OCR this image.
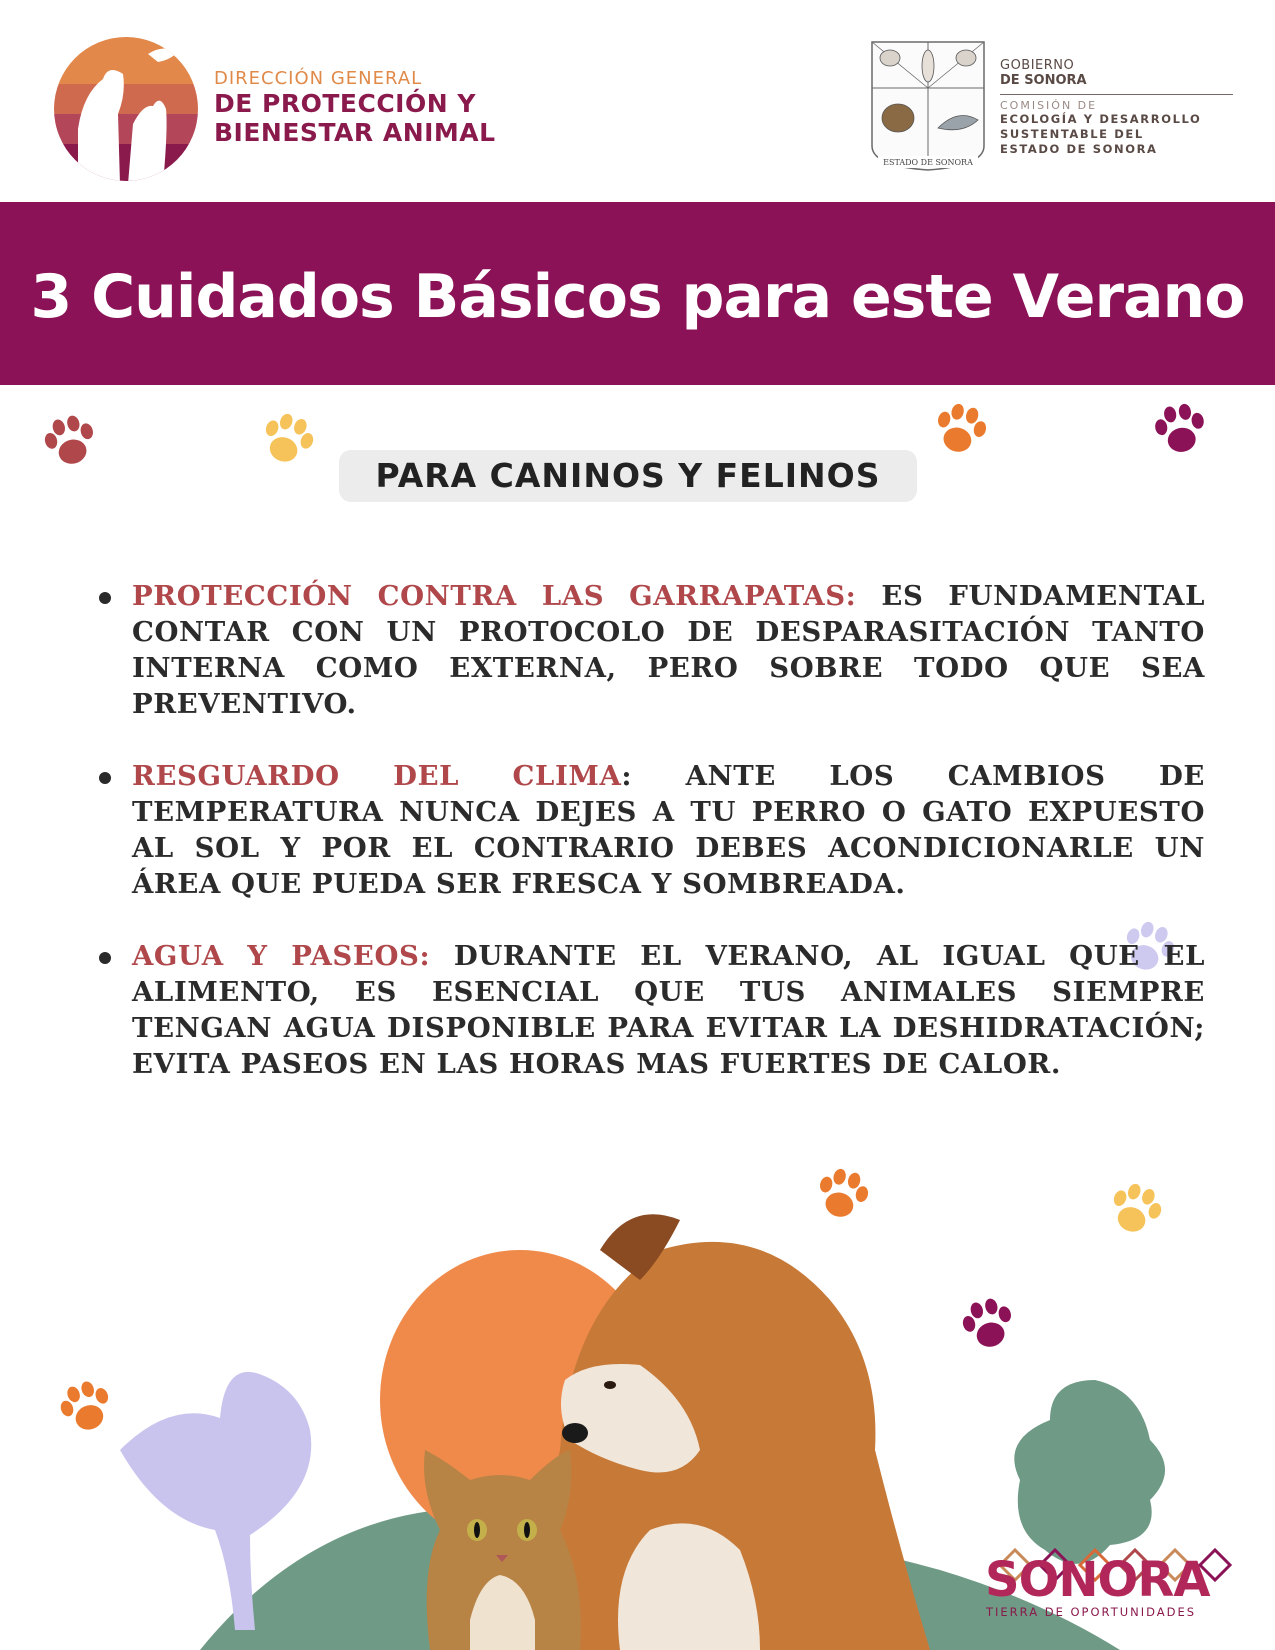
DIRECCIÓN GENERAL
DE PROTECCIÓN Y
BIENESTAR ANIMAL
ESTADO DE SONORA
GOBIERNO
DE SONORA
COMISIÓN DE
ECOLOGÍA Y DESARROLLO
SUSTENTABLE DEL
ESTADO DE SONORA
3 Cuidados Básicos para este Verano
PARA CANINOS Y FELINOS

PROTECCIÓN CONTRA LAS GARRAPATAS: ES FUNDAMENTAL CONTAR CON UN PROTOCOLO DE DESPARASITACIÓN TANTO INTERNA COMO EXTERNA, PERO SOBRE TODO QUE SEA PREVENTIVO.

RESGUARDO DEL CLIMA: ANTE LOS CAMBIOS DE TEMPERATURA NUNCA DEJES A TU PERRO O GATO EXPUESTO AL SOL Y POR EL CONTRARIO DEBES ACONDICIONARLE UN ÁREA QUE PUEDA SER FRESCA Y SOMBREADA.

AGUA Y PASEOS: DURANTE EL VERANO, AL IGUAL QUE EL ALIMENTO, ES ESENCIAL QUE TUS ANIMALES SIEMPRE TENGAN AGUA DISPONIBLE PARA EVITAR LA DESHIDRATACIÓN; EVITA PASEOS EN LAS HORAS MAS FUERTES DE CALOR.

SONORA
TIERRA DE OPORTUNIDADES
